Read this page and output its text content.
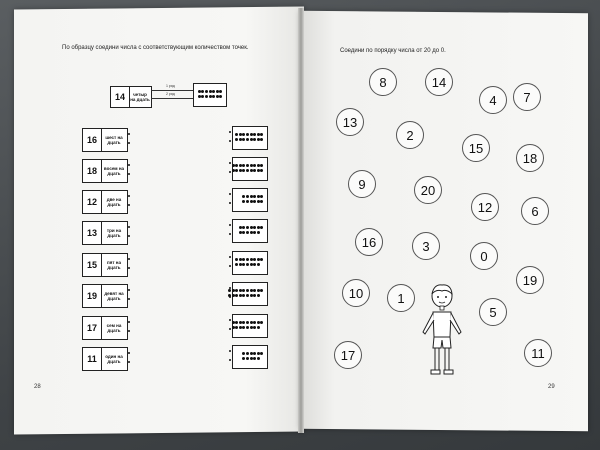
По образцу соедини числа с соответствующим количеством точек.
14	четыр на дцать
1 ряд
2 ряд
16	шест на дцать
18	восем на дцать
12	две на дцать
13	три на дцать
15	пят на дцать
19	девят на дцать
17	сем на дцать
11	один на дцать
28
Соедини по порядку числа от 20 до 0.
8	14
4	7
13
2
15
18
9	20
12	6
16	3
0
19
10	1
5
17	11
29
